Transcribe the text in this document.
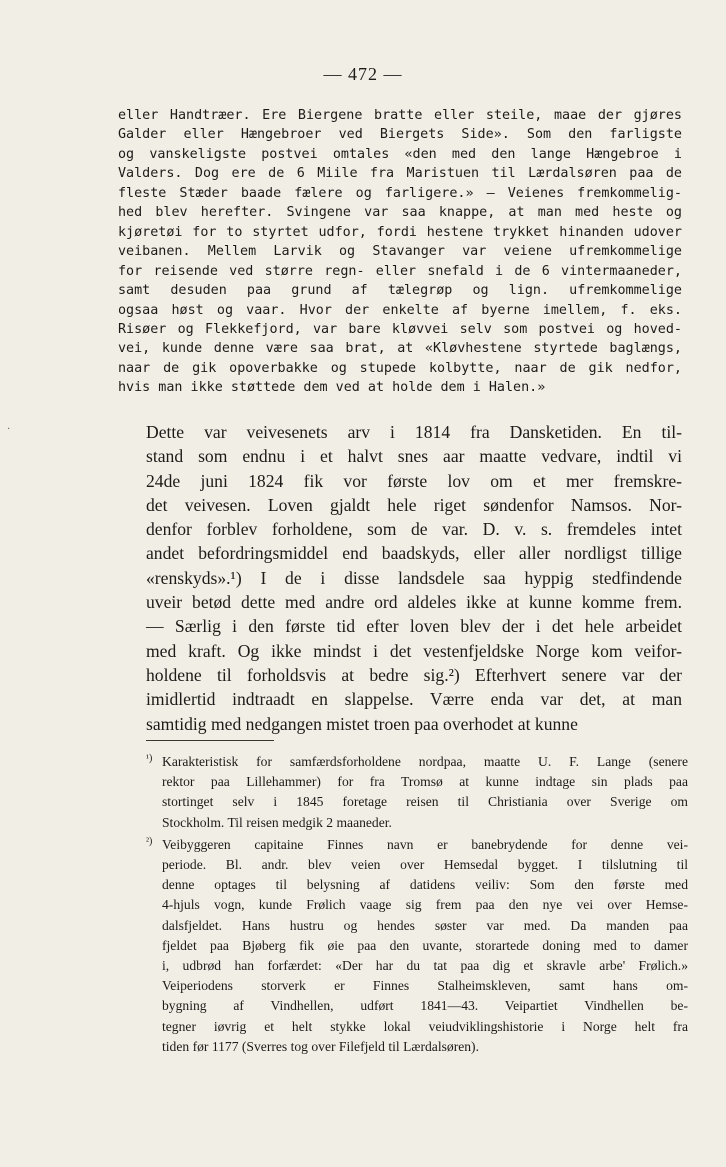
— 472 —
·
eller Handtræer. Ere Biergene bratte eller steile, maae der gjøres
Galder eller Hængebroer ved Biergets Side». Som den farligste
og vanskeligste postvei omtales «den med den lange Hængebroe i
Valders. Dog ere de 6 Miile fra Maristuen til Lærdalsøren paa de
fleste Stæder baade fælere og farligere.» — Veienes fremkommelig-
hed blev herefter. Svingene var saa knappe, at man med heste og
kjøretøi for to styrtet udfor, fordi hestene trykket hinanden udover
veibanen. Mellem Larvik og Stavanger var veiene ufremkommelige
for reisende ved større regn- eller snefald i de 6 vintermaaneder,
samt desuden paa grund af tælegrøp og lign. ufremkommelige
ogsaa høst og vaar. Hvor der enkelte af byerne imellem, f. eks.
Risøer og Flekkefjord, var bare kløvvei selv som postvei og hoved-
vei, kunde denne være saa brat, at «Kløvhestene styrtede baglængs,
naar de gik opoverbakke og stupede kolbytte, naar de gik nedfor,
hvis man ikke støttede dem ved at holde dem i Halen.»
Dette var veivesenets arv i 1814 fra Dansketiden. En til-
stand som endnu i et halvt snes aar maatte vedvare, indtil vi
24de juni 1824 fik vor første lov om et mer fremskre-
det veivesen. Loven gjaldt hele riget søndenfor Namsos. Nor-
denfor forblev forholdene, som de var. D. v. s. fremdeles intet
andet befordringsmiddel end baadskyds, eller aller nordligst tillige
«renskyds».¹) I de i disse landsdele saa hyppig stedfindende
uveir betød dette med andre ord aldeles ikke at kunne komme frem.
— Særlig i den første tid efter loven blev der i det hele arbeidet
med kraft. Og ikke mindst i det vestenfjeldske Norge kom veifor-
holdene til forholdsvis at bedre sig.²) Efterhvert senere var der
imidlertid indtraadt en slappelse. Værre enda var det, at man
samtidig med nedgangen mistet troen paa overhodet at kunne
¹) Karakteristisk for samfærdsforholdene nordpaa, maatte U. F. Lange (senere
rektor paa Lillehammer) for fra Tromsø at kunne indtage sin plads paa
stortinget selv i 1845 foretage reisen til Christiania over Sverige om
Stockholm. Til reisen medgik 2 maaneder.
²) Veibyggeren capitaine Finnes navn er banebrydende for denne vei-
periode. Bl. andr. blev veien over Hemsedal bygget. I tilslutning til
denne optages til belysning af datidens veiliv: Som den første med
4-hjuls vogn, kunde Frølich vaage sig frem paa den nye vei over Hemse-
dalsfjeldet. Hans hustru og hendes søster var med. Da manden paa
fjeldet paa Bjøberg fik øie paa den uvante, storartede doning med to damer
i, udbrød han forfærdet: «Der har du tat paa dig et skravle arbe' Frølich.»
Veiperiodens storverk er Finnes Stalheimskleven, samt hans om-
bygning af Vindhellen, udført 1841—43. Veipartiet Vindhellen be-
tegner iøvrig et helt stykke lokal veiudviklingshistorie i Norge helt fra
tiden før 1177 (Sverres tog over Filefjeld til Lærdalsøren).
